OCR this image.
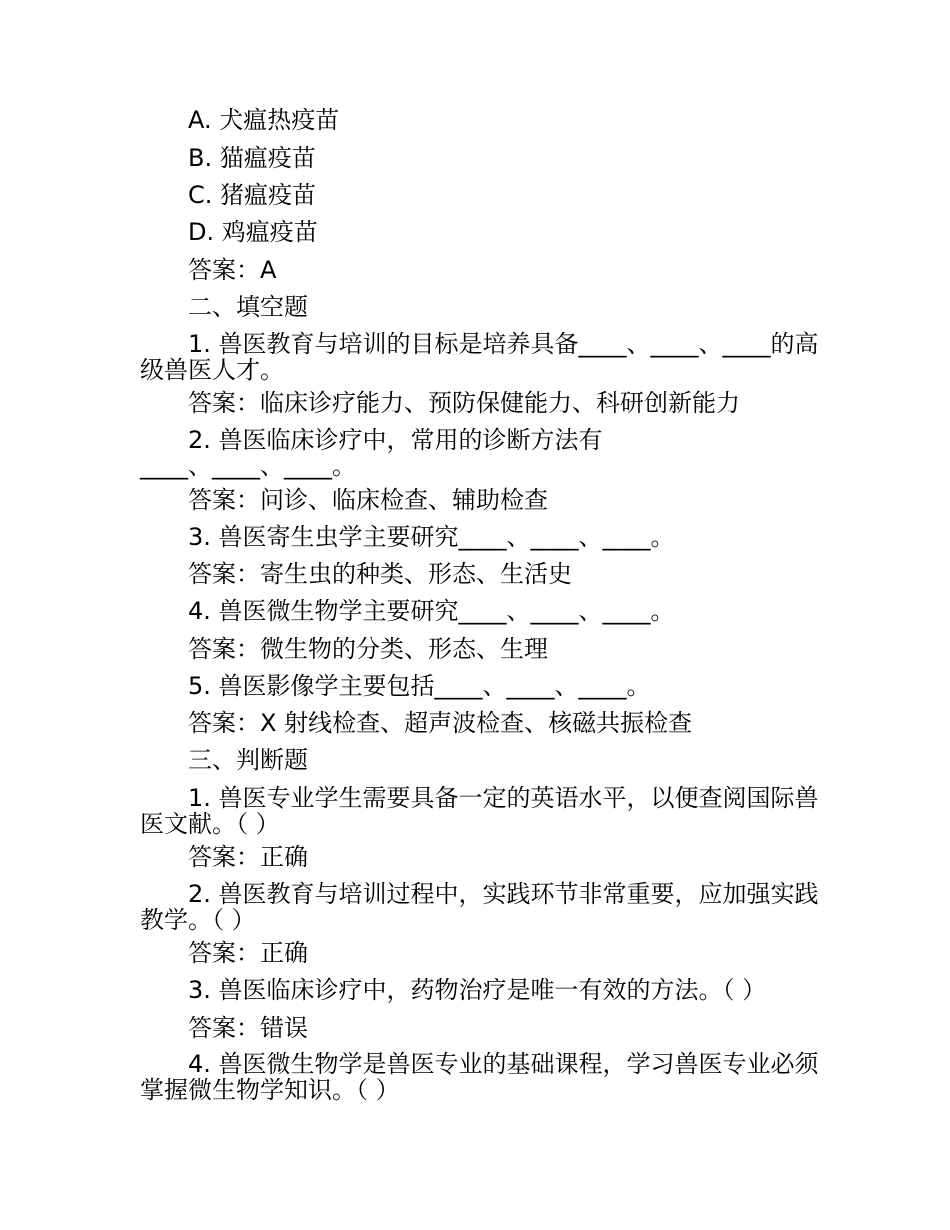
A. 犬瘟热疫苗
B. 猫瘟疫苗
C. 猪瘟疫苗
D. 鸡瘟疫苗
答案：A
二、填空题
1. 兽医教育与培训的目标是培养具备____、____、____的高级兽医人才。
答案：临床诊疗能力、预防保健能力、科研创新能力
2. 兽医临床诊疗中，常用的诊断方法有____、____、____。
答案：问诊、临床检查、辅助检查
3. 兽医寄生虫学主要研究____、____、____。
答案：寄生虫的种类、形态、生活史
4. 兽医微生物学主要研究____、____、____。
答案：微生物的分类、形态、生理
5. 兽医影像学主要包括____、____、____。
答案：X 射线检查、超声波检查、核磁共振检查
三、判断题
1. 兽医专业学生需要具备一定的英语水平，以便查阅国际兽医文献。（ ）
答案：正确
2. 兽医教育与培训过程中，实践环节非常重要，应加强实践教学。（ ）
答案：正确
3. 兽医临床诊疗中，药物治疗是唯一有效的方法。（ ）
答案：错误
4. 兽医微生物学是兽医专业的基础课程，学习兽医专业必须掌握微生物学知识。（ ）
